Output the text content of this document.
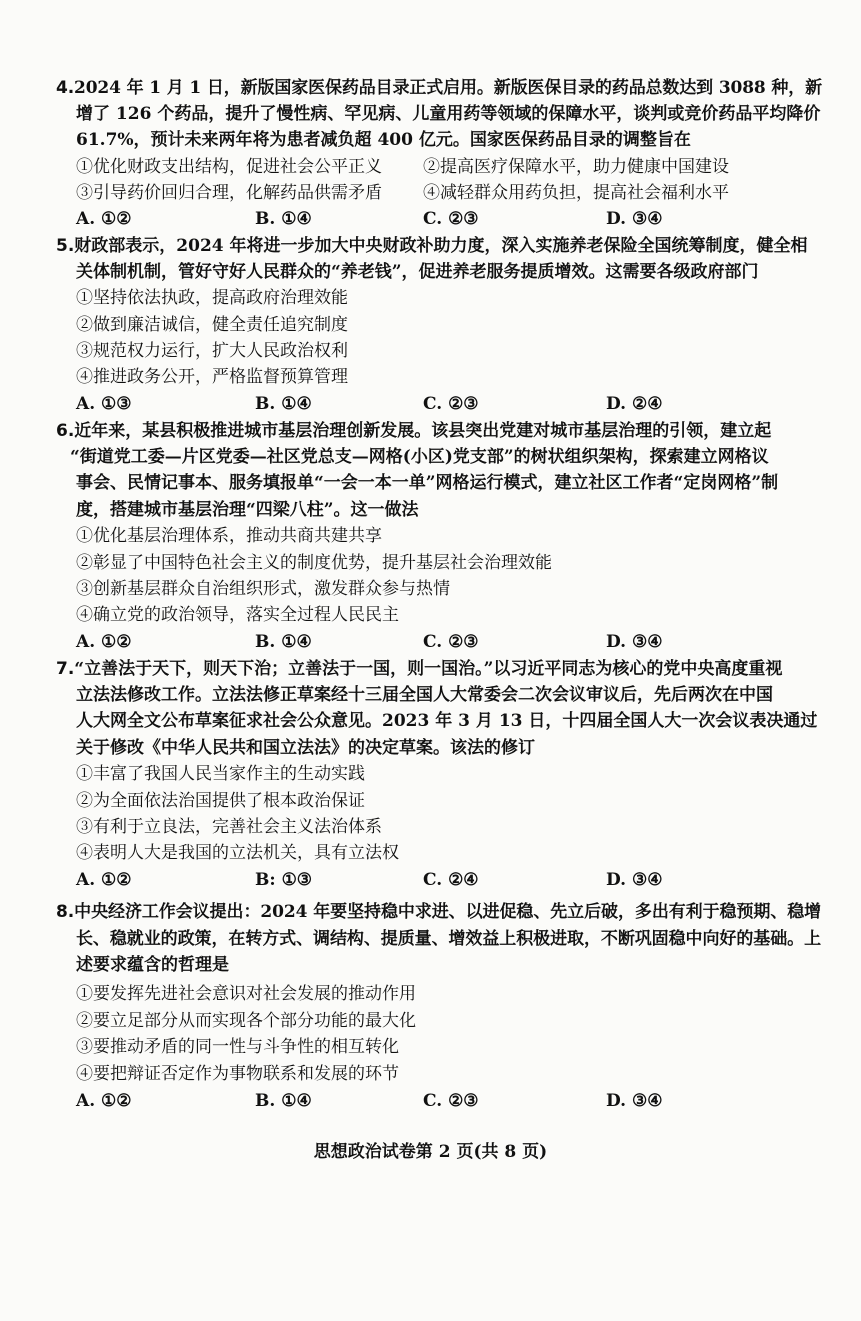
4.2024 年 1 月 1 日，新版国家医保药品目录正式启用。新版医保目录的药品总数达到 3088 种，新
增了 126 个药品，提升了慢性病、罕见病、儿童用药等领域的保障水平，谈判或竞价药品平均降价
61.7%，预计未来两年将为患者减负超 400 亿元。国家医保药品目录的调整旨在
①优化财政支出结构，促进社会公平正义 ②提高医疗保障水平，助力健康中国建设
③引导药价回归合理，化解药品供需矛盾 ④减轻群众用药负担，提高社会福利水平
A. ①②	B. ①④	C. ②③	D. ③④
5.财政部表示，2024 年将进一步加大中央财政补助力度，深入实施养老保险全国统筹制度，健全相
关体制机制，管好守好人民群众的“养老钱”，促进养老服务提质增效。这需要各级政府部门
①坚持依法执政，提高政府治理效能
②做到廉洁诚信，健全责任追究制度
③规范权力运行，扩大人民政治权利
④推进政务公开，严格监督预算管理
A. ①③	B. ①④	C. ②③	D. ②④
6.近年来，某县积极推进城市基层治理创新发展。该县突出党建对城市基层治理的引领，建立起
“街道党工委—片区党委—社区党总支—网格(小区)党支部”的树状组织架构，探索建立网格议
事会、民情记事本、服务填报单“一会一本一单”网格运行模式，建立社区工作者“定岗网格”制
度，搭建城市基层治理“四梁八柱”。这一做法
①优化基层治理体系，推动共商共建共享
②彰显了中国特色社会主义的制度优势，提升基层社会治理效能
③创新基层群众自治组织形式，激发群众参与热情
④确立党的政治领导，落实全过程人民民主
A. ①②	B. ①④	C. ②③	D. ③④
7.“立善法于天下，则天下治；立善法于一国，则一国治。”以习近平同志为核心的党中央高度重视
立法法修改工作。立法法修正草案经十三届全国人大常委会二次会议审议后，先后两次在中国
人大网全文公布草案征求社会公众意见。2023 年 3 月 13 日，十四届全国人大一次会议表决通过
关于修改《中华人民共和国立法法》的决定草案。该法的修订
①丰富了我国人民当家作主的生动实践
②为全面依法治国提供了根本政治保证
③有利于立良法，完善社会主义法治体系
④表明人大是我国的立法机关，具有立法权
A. ①②	B: ①③	C. ②④	D. ③④
8.中央经济工作会议提出：2024 年要坚持稳中求进、以进促稳、先立后破，多出有利于稳预期、稳增
长、稳就业的政策，在转方式、调结构、提质量、增效益上积极进取，不断巩固稳中向好的基础。上
述要求蕴含的哲理是
①要发挥先进社会意识对社会发展的推动作用
②要立足部分从而实现各个部分功能的最大化
③要推动矛盾的同一性与斗争性的相互转化
④要把辩证否定作为事物联系和发展的环节
A. ①②	B. ①④	C. ②③	D. ③④
思想政治试卷第 2 页(共 8 页)
